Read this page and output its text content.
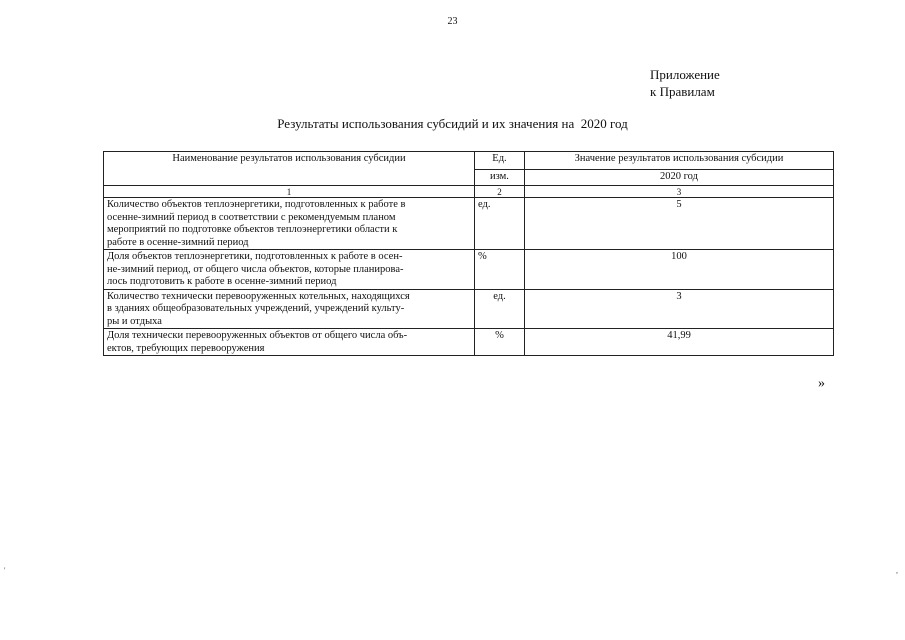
23
Приложение
к Правилам
Результаты использования субсидий и их значения на  2020 год
Наименование результатов использования субсидии	Ед.	Значение результатов использования субсидии
	изм.	2020 год
1	2	3

Количество объектов теплоэнергетики, подготовленных к работе в
осенне-зимний период в соответствии с рекомендуемым планом
мероприятий по подготовке объектов теплоэнергетики области к
работе в осенне-зимний период	ед.	5

Доля объектов теплоэнергетики, подготовленных к работе в осен-
не-зимний период, от общего числа объектов, которые планирова-
лось подготовить к работе в осенне-зимний период	%	100

Количество технически перевооруженных котельных, находящихся
в зданиях общеобразовательных учреждений, учреждений культу-
ры и отдыха	ед.	3

Доля технически перевооруженных объектов от общего числа объ-
ектов, требующих перевооружения	%	41,99
»
'	,
